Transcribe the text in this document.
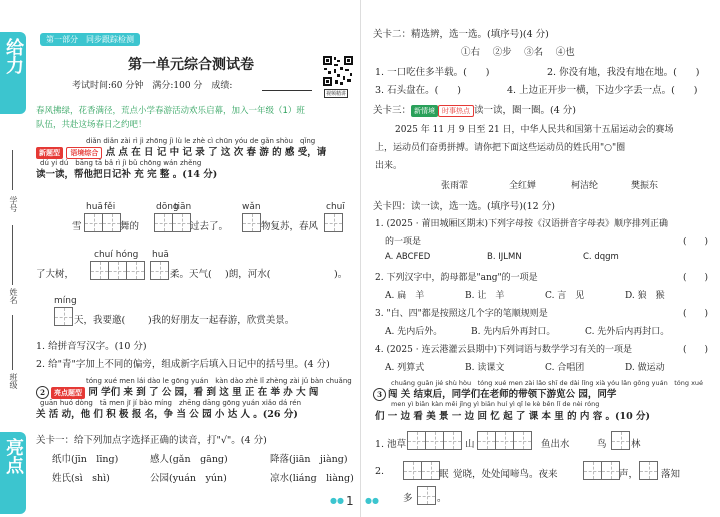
给力
亮点
学号
姓名
班级
第一部分　同步跟踪检测
第一单元综合测试卷
视频精讲
考试时间:60 分钟　满分:100 分　成绩:
春风拂绿，花香满径，荒点小学春游活动欢乐启幕，加入一年级（1）班
队伍，共赴这场春日之约吧！
diǎn diǎn zài rì jì zhōng jì lù le zhè cì chūn yóu de gǎn shòu　qǐng
新题型 语境综合 点 点 在 日 记 中 记 录 了 这 次 春 游 的 感 受，请
dú yi dú　bāng tā bǎ rì jì bǔ chōng wán zhěng
读一读，帮他把日记补 充 完 整 。(14 分)
huā fěi	dōng
tiān	wǎn	chuī
雪	舞的	过去了。	物复苏，春风
chuí hóng huā
了大树，	柔。天气( )朗，河水(	)。
míng
天，我要邀( )我的好朋友一起春游，欣赏美景。
1. 给拼音写汉字。(10 分)
2. 给"青"字加上不同的偏旁，组成新字后填入日记中的括号里。(4 分)
tóng xué men lái dào le gōng yuán　kàn dào zhè lǐ zhèng zài jǔ bàn chuǎng
2 亮点题型 同 学们 来 到 了 公 园，看 到 这 里 正 在 举 办 大 闯
guān huó dòng　tā men jī jí bào míng　zhēng dāng gōng yuán xiǎo dá rén
关 活 动，他 们 积 极 报 名，争 当 公 园 小 达 人 。(26 分)
关卡一：给下列加点字选择正确的读音，打"√"。(4 分)
纸巾(jīn　līng)	感人(gǎn　gāng)	降落(jiān　jiàng)
姓氏(sì　shì)	公园(yuán　yún)	凉水(liáng　liàng)
1
●●
关卡二：精选辨，选一选。(填序号)(4 分)
①右　 ②步　 ③名　 ④也
1. 一口吃住多半载。(　　)	2. 你没有地，我没有地在地。(　　)
3. 石头盘在。(　　)	4. 上边正开步一横，下边少字丢一点。(　　)
关卡三： 新情境 时事热点 读一读，圈一圈。(4 分)
2025 年 11 月 9 日至 21 日，中华人民共和国第十五届运动会的赛场
上，运动员们奋勇拼搏。请你把下面这些运动员的姓氏用"○"圈
出来。
张雨霏	全红婵	柯洁纶	樊振东
关卡四：读一读，选一选。(填序号)(12 分)
1. (2025 · 莆田城厢区期末)下列字母按《汉语拼音字母表》顺序排列正确
的一项是	(　　)
A. ABCFED	B. IJLMN	C. dqgm
2. 下列汉字中，韵母都是"ang"的一项是	(　　)
A. 扁　羊	B. 让　羊	C. 言　见	D. 狼　猴
3. "白、四"都是按照这几个字的笔顺规则是	(　　)
A. 先内后外。	B. 先内后外再封口。	C. 先外后内再封口。
4. (2025 · 连云港灌云县期中)下列词语与数学学习有关的一项是	(　　)
A. 列算式	B. 读课文	C. 合唱团	D. 做运动
chuǎng guān jié shù hòu　tóng xué men zài lǎo shī de dài lǐng xià yóu lǎn gōng yuán　tóng xué
3 闯 关 结束后，同学们在老师的带领下游览公 园，同学
men yì biān kàn měi jǐng yì biān huí yì qǐ le kè běn lǐ de nèi róng
们 一 边 看 美 景 一 边 回 忆 起 了 课 本 里 的 内 容 。(10 分)
1. 池草	山	鱼出水	鸟	林
2.	眠 觉晓，处处闻啼鸟。夜来	声， 落知
多	。
●●
